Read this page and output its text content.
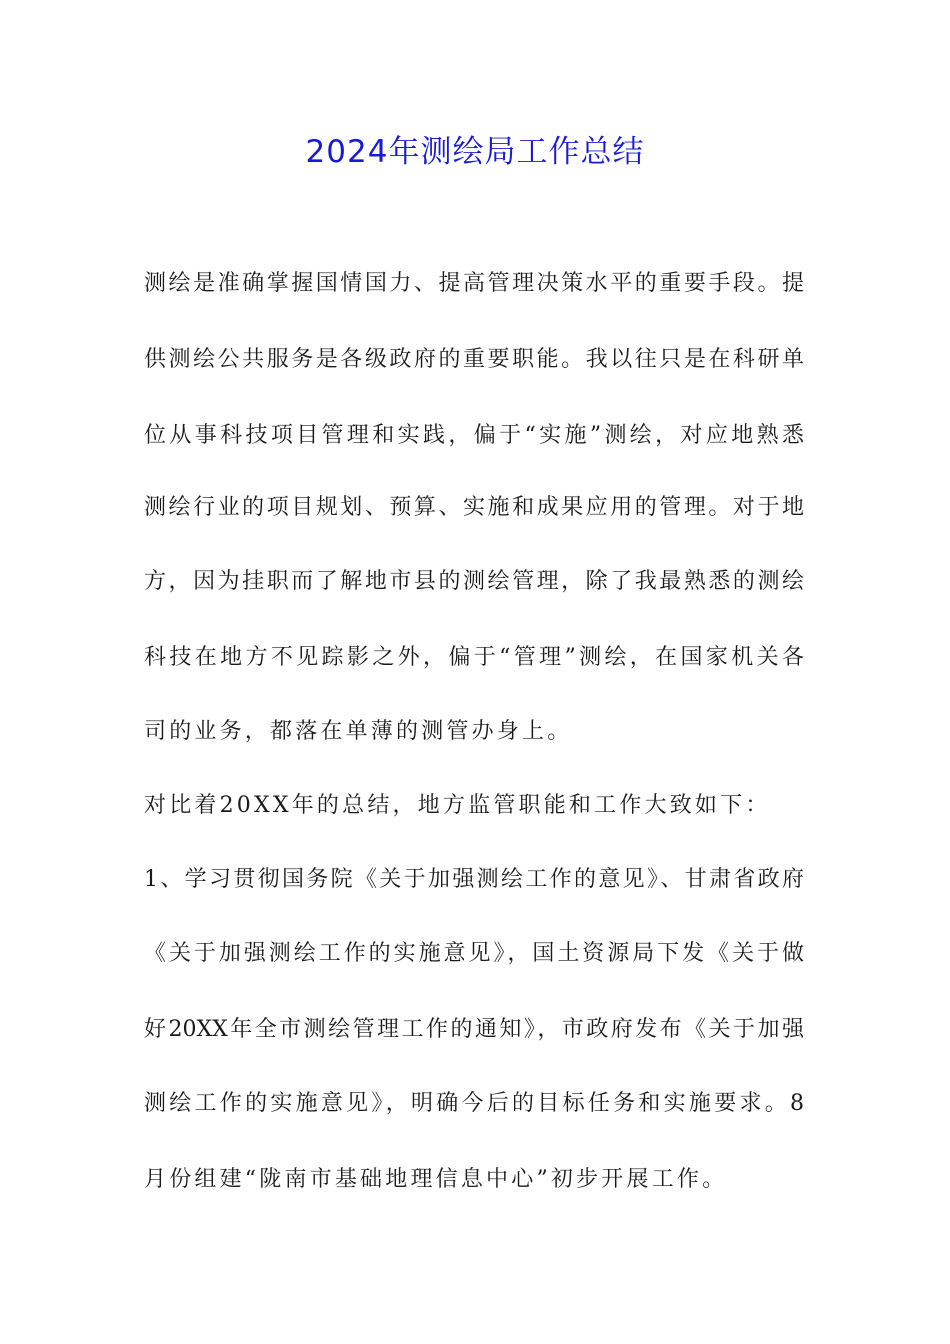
2024年测绘局工作总结
测绘是准确掌握国情国力、提高管理决策水平的重要手段。提
供测绘公共服务是各级政府的重要职能。我以往只是在科研单
位从事科技项目管理和实践，偏于“实施”测绘，对应地熟悉
测绘行业的项目规划、预算、实施和成果应用的管理。对于地
方，因为挂职而了解地市县的测绘管理，除了我最熟悉的测绘
科技在地方不见踪影之外，偏于“管理”测绘，在国家机关各
司的业务，都落在单薄的测管办身上。
对比着20XX年的总结，地方监管职能和工作大致如下：
1、学习贯彻国务院《关于加强测绘工作的意见》、甘肃省政府
《关于加强测绘工作的实施意见》，国土资源局下发《关于做
好20XX年全市测绘管理工作的通知》，市政府发布《关于加强
测绘工作的实施意见》，明确今后的目标任务和实施要求。8
月份组建“陇南市基础地理信息中心”初步开展工作。
